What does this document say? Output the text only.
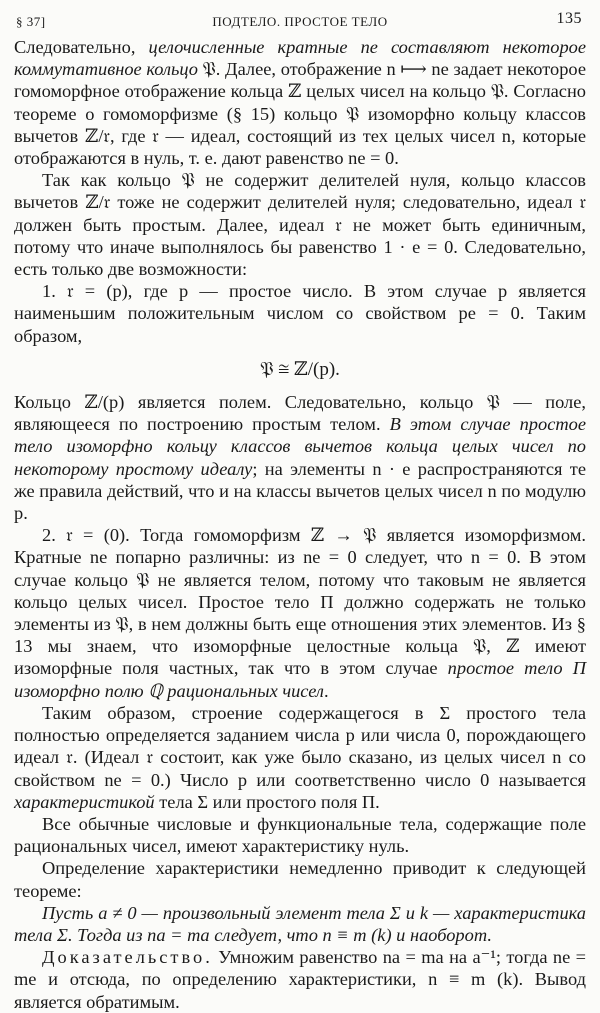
§ 37]	ПОДТЕЛО. ПРОСТОЕ ТЕЛО	135

Следовательно, целочисленные кратные ne составляют некоторое коммутативное кольцо 𝔓. Далее, отображение n ⟼ ne задает некоторое гомоморфное отображение кольца ℤ целых чисел на кольцо 𝔓. Согласно теореме о гомоморфизме (§ 15) кольцо 𝔓 изоморфно кольцу классов вычетов ℤ/𝔯, где 𝔯 — идеал, состоящий из тех целых чисел n, которые отображаются в нуль, т. е. дают равенство ne = 0.

Так как кольцо 𝔓 не содержит делителей нуля, кольцо классов вычетов ℤ/𝔯 тоже не содержит делителей нуля; следовательно, идеал 𝔯 должен быть простым. Далее, идеал 𝔯 не может быть единичным, потому что иначе выполнялось бы равенство 1 · e = 0. Следовательно, есть только две возможности:

1. 𝔯 = (p), где p — простое число. В этом случае p является наименьшим положительным числом со свойством pe = 0. Таким образом,

𝔓 ≅ ℤ/(p).

Кольцо ℤ/(p) является полем. Следовательно, кольцо 𝔓 — поле, являющееся по построению простым телом. В этом случае простое тело изоморфно кольцу классов вычетов кольца целых чисел по некоторому простому идеалу; на элементы n · e распространяются те же правила действий, что и на классы вычетов целых чисел n по модулю p.

2. 𝔯 = (0). Тогда гомоморфизм ℤ → 𝔓 является изоморфизмом. Кратные ne попарно различны: из ne = 0 следует, что n = 0. В этом случае кольцо 𝔓 не является телом, потому что таковым не является кольцо целых чисел. Простое тело Π должно содержать не только элементы из 𝔓, в нем должны быть еще отношения этих элементов. Из § 13 мы знаем, что изоморфные целостные кольца 𝔓, ℤ имеют изоморфные поля частных, так что в этом случае простое тело Π изоморфно полю ℚ рациональных чисел.

Таким образом, строение содержащегося в Σ простого тела полностью определяется заданием числа p или числа 0, порождающего идеал 𝔯. (Идеал 𝔯 состоит, как уже было сказано, из целых чисел n со свойством ne = 0.) Число p или соответственно число 0 называется характеристикой тела Σ или простого поля Π.

Все обычные числовые и функциональные тела, содержащие поле рациональных чисел, имеют характеристику нуль.

Определение характеристики немедленно приводит к следующей теореме:

Пусть a ≠ 0 — произвольный элемент тела Σ и k — характеристика тела Σ. Тогда из na = ma следует, что n ≡ m (k) и наоборот.

Доказательство. Умножим равенство na = ma на a⁻¹; тогда ne = me и отсюда, по определению характеристики, n ≡ m (k). Вывод является обратимым.
